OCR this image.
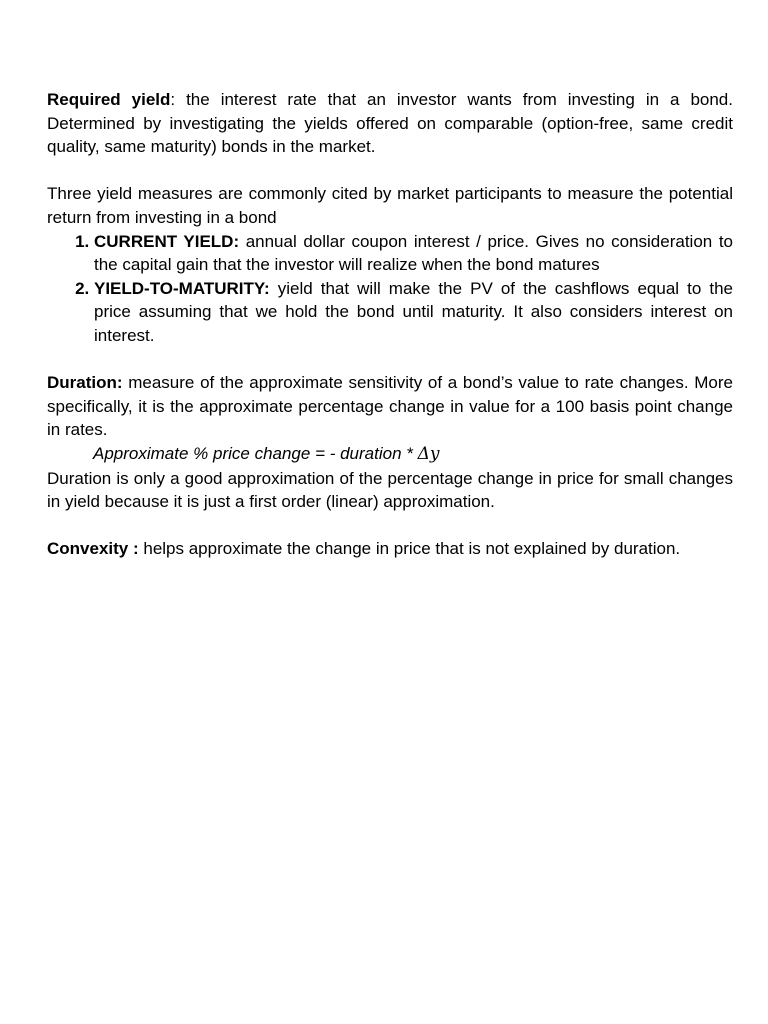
Required yield: the interest rate that an investor wants from investing in a bond. Determined by investigating the yields offered on comparable (option-free, same credit quality, same maturity) bonds in the market.

Three yield measures are commonly cited by market participants to measure the potential return from investing in a bond

1. CURRENT YIELD: annual dollar coupon interest / price. Gives no consideration to the capital gain that the investor will realize when the bond matures
2. YIELD-TO-MATURITY: yield that will make the PV of the cashflows equal to the price assuming that we hold the bond until maturity. It also considers interest on interest.

Duration: measure of the approximate sensitivity of a bond’s value to rate changes. More specifically, it is the approximate percentage change in value for a 100 basis point change in rates.

Approximate % price change = - duration * Δy

Duration is only a good approximation of the percentage change in price for small changes in yield because it is just a first order (linear) approximation.

Convexity : helps approximate the change in price that is not explained by duration.
